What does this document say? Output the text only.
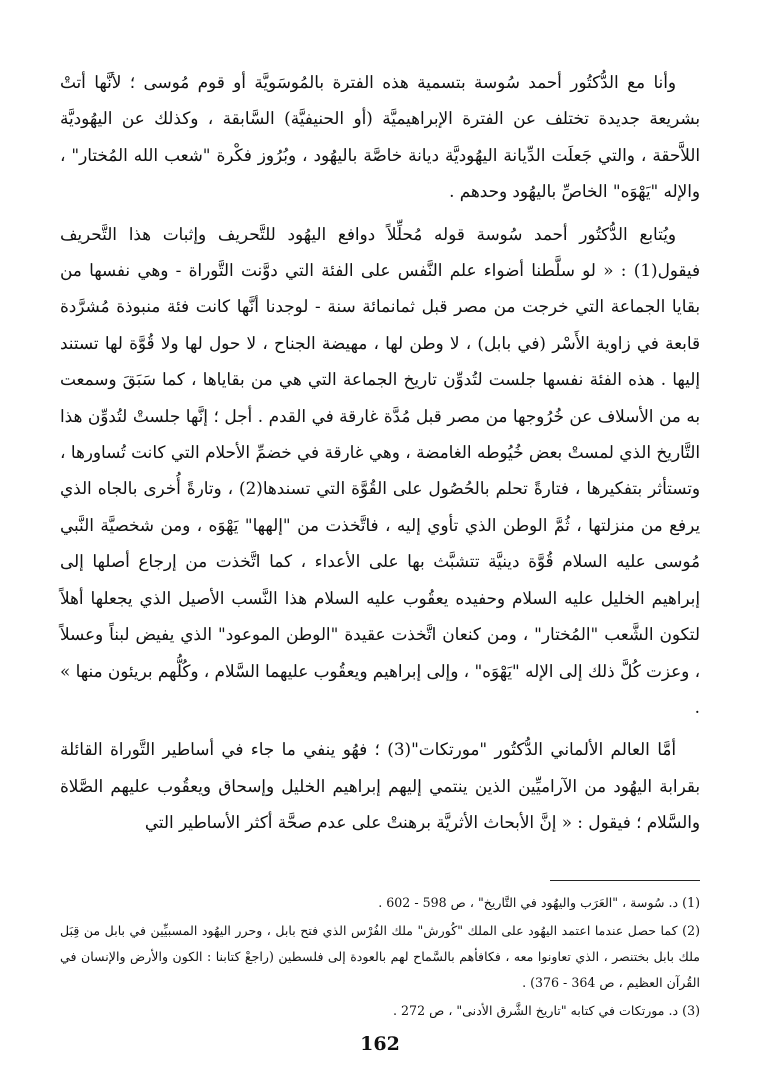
وأنا مع الدُّكتُور أحمد سُوسة بتسمية هذه الفترة بالمُوسَويَّة أو قوم مُوسى ؛ لأنَّها أتتْ بشريعة جديدة تختلف عن الفترة الإبراهيميَّة (أو الحنيفيَّة) السَّابقة ، وكذلك عن اليهُوديَّة اللاَّحقة ، والتي جَعلَت الدِّيانة اليهُوديَّة ديانة خاصَّة باليهُود ، وبُرُوز فكْرة "شعب الله المُختار" ، والإله "يَهْوَه" الخاصِّ باليهُود وحدهم .

ويُتابع الدُّكتُور أحمد سُوسة قوله مُحلِّلاً دوافع اليهُود للتَّحريف وإثبات هذا التَّحريف فيقول(1) : « لو سلَّطنا أضواء علم النَّفس على الفئة التي دوَّنت التَّوراة - وهي نفسها من بقايا الجماعة التي خرجت من مصر قبل ثمانمائة سنة - لوجدنا أنَّها كانت فئة منبوذة مُشرَّدة قابعة في زاوية الأَسْر (في بابل) ، لا وطن لها ، مهيضة الجناح ، لا حول لها ولا قُوَّة لها تستند إليها . هذه الفئة نفسها جلست لتُدوِّن تاريخ الجماعة التي هي من بقاياها ، كما سَبَقَ وسمعت به من الأسلاف عن خُرُوجها من مصر قبل مُدَّة غارقة في القدم . أجل ؛ إنَّها جلستْ لتُدوِّن هذا التَّاريخ الذي لمستْ بعض خُيُوطه الغامضة ، وهي غارقة في خضمِّ الأحلام التي كانت تُساورها ، وتستأثر بتفكيرها ، فتارةً تحلم بالحُصُول على القُوَّة التي تسندها(2) ، وتارةً أُخرى بالجاه الذي يرفع من منزلتها ، ثُمَّ الوطن الذي تأوي إليه ، فاتَّخذت من "إلهها" يَهْوَه ، ومن شخصيَّة النَّبي مُوسى عليه السلام قُوَّة دينيَّة تتشبَّث بها على الأعداء ، كما اتَّخذت من إرجاع أصلها إلى إبراهيم الخليل عليه السلام وحفيده يعقُوب عليه السلام هذا النَّسب الأصيل الذي يجعلها أهلاً لتكون الشَّعب "المُختار" ، ومن كنعان اتَّخذت عقيدة "الوطن الموعود" الذي يفيض لبناً وعسلاً ، وعزت كُلَّ ذلك إلى الإله "يَهْوَه" ، وإلى إبراهيم ويعقُوب عليهما السَّلام ، وكُلُّهم بريئون منها » .

أمَّا العالم الألماني الدُّكتُور "مورتكات"(3) ؛ فهُو ينفي ما جاء في أساطير التَّوراة القائلة بقرابة اليهُود من الآراميِّين الذين ينتمي إليهم إبراهيم الخليل وإسحاق ويعقُوب عليهم الصَّلاة والسَّلام ؛ فيقول : « إنَّ الأبحاث الأثريَّة برهنتْ على عدم صحَّة أكثر الأساطير التي

(1) د. سُوسة ، "العَرَب واليهُود في التَّاريخ" ، ص 598 - 602 .

(2) كما حصل عندما اعتمد اليهُود على الملك "كُورش" ملك الفُرْس الذي فتح بابل ، وحرر اليهُود المسبيِّين في بابل من قِبَل ملك بابل بختنصر ، الذي تعاونوا معه ، فكافأهم بالسَّماح لهم بالعودة إلى فلسطين (راجعْ كتابنا : الكون والأرض والإنسان في القُرآن العظيم ، ص 364 - 376) .

(3) د. مورتكات في كتابه "تاريخ الشَّرق الأدنى" ، ص 272 .

162
